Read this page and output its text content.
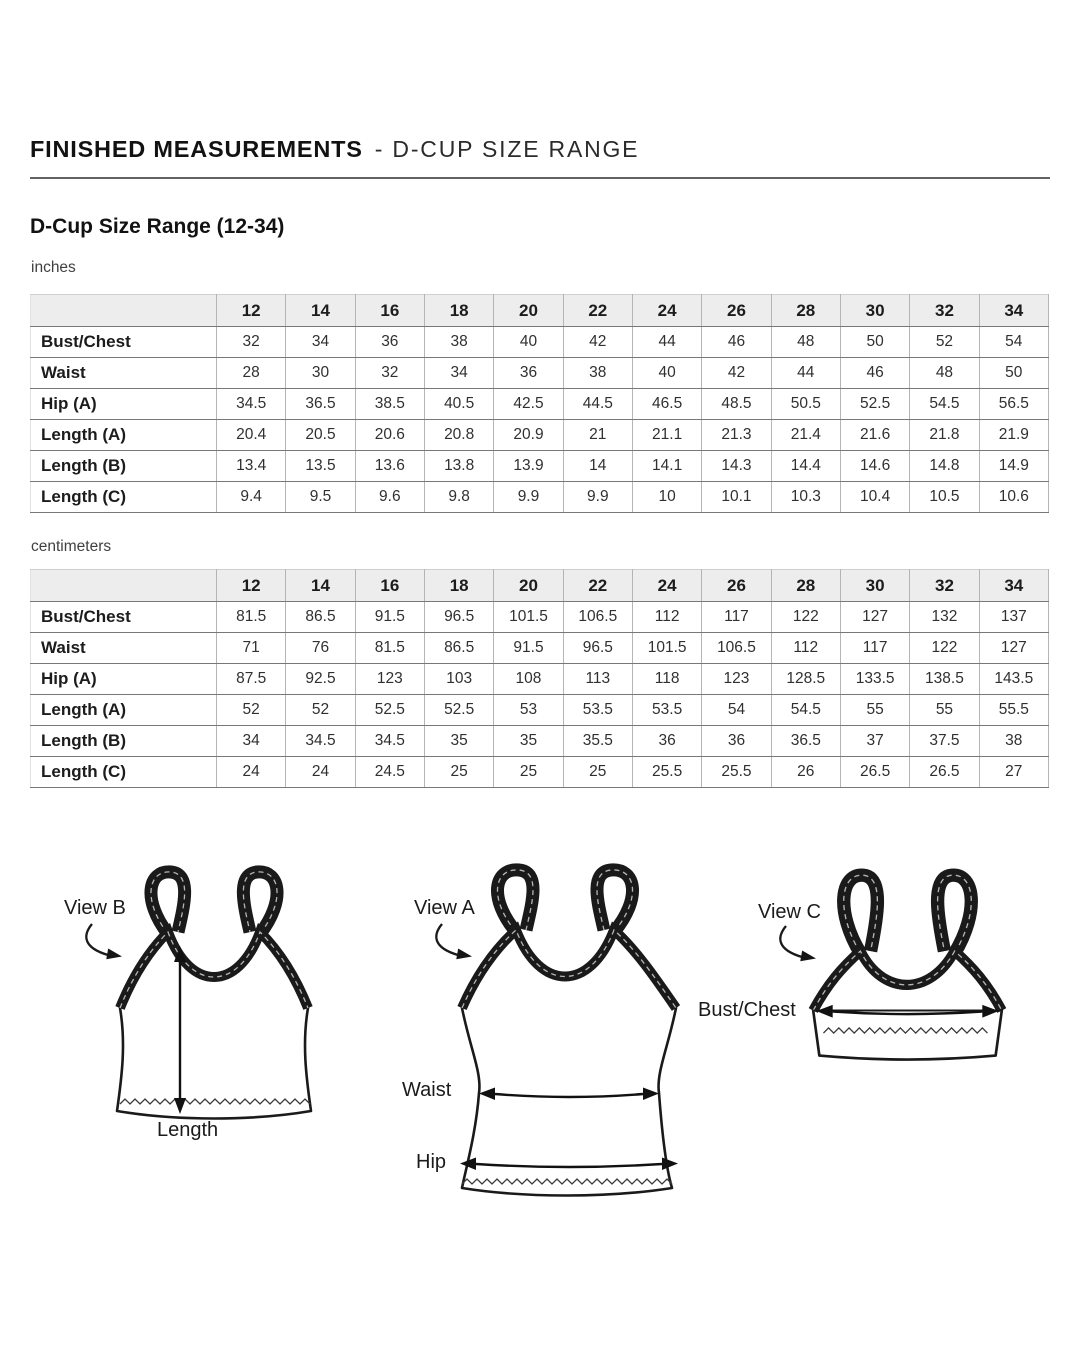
FINISHED MEASUREMENTS - D-CUP SIZE RANGE
D-Cup Size Range (12-34)
inches
	12	14	16	18	20	22	24	26	28	30	32	34
Bust/Chest	32	34	36	38	40	42	44	46	48	50	52	54
Waist	28	30	32	34	36	38	40	42	44	46	48	50
Hip (A)	34.5	36.5	38.5	40.5	42.5	44.5	46.5	48.5	50.5	52.5	54.5	56.5
Length (A)	20.4	20.5	20.6	20.8	20.9	21	21.1	21.3	21.4	21.6	21.8	21.9
Length (B)	13.4	13.5	13.6	13.8	13.9	14	14.1	14.3	14.4	14.6	14.8	14.9
Length (C)	9.4	9.5	9.6	9.8	9.9	9.9	10	10.1	10.3	10.4	10.5	10.6
centimeters
	12	14	16	18	20	22	24	26	28	30	32	34
Bust/Chest	81.5	86.5	91.5	96.5	101.5	106.5	112	117	122	127	132	137
Waist	71	76	81.5	86.5	91.5	96.5	101.5	106.5	112	117	122	127
Hip (A)	87.5	92.5	123	103	108	113	118	123	128.5	133.5	138.5	143.5
Length (A)	52	52	52.5	52.5	53	53.5	53.5	54	54.5	55	55	55.5
Length (B)	34	34.5	34.5	35	35	35.5	36	36	36.5	37	37.5	38
Length (C)	24	24	24.5	25	25	25	25.5	25.5	26	26.5	26.5	27
View B
Length
View A
Waist
Hip
View C
Bust/Chest
